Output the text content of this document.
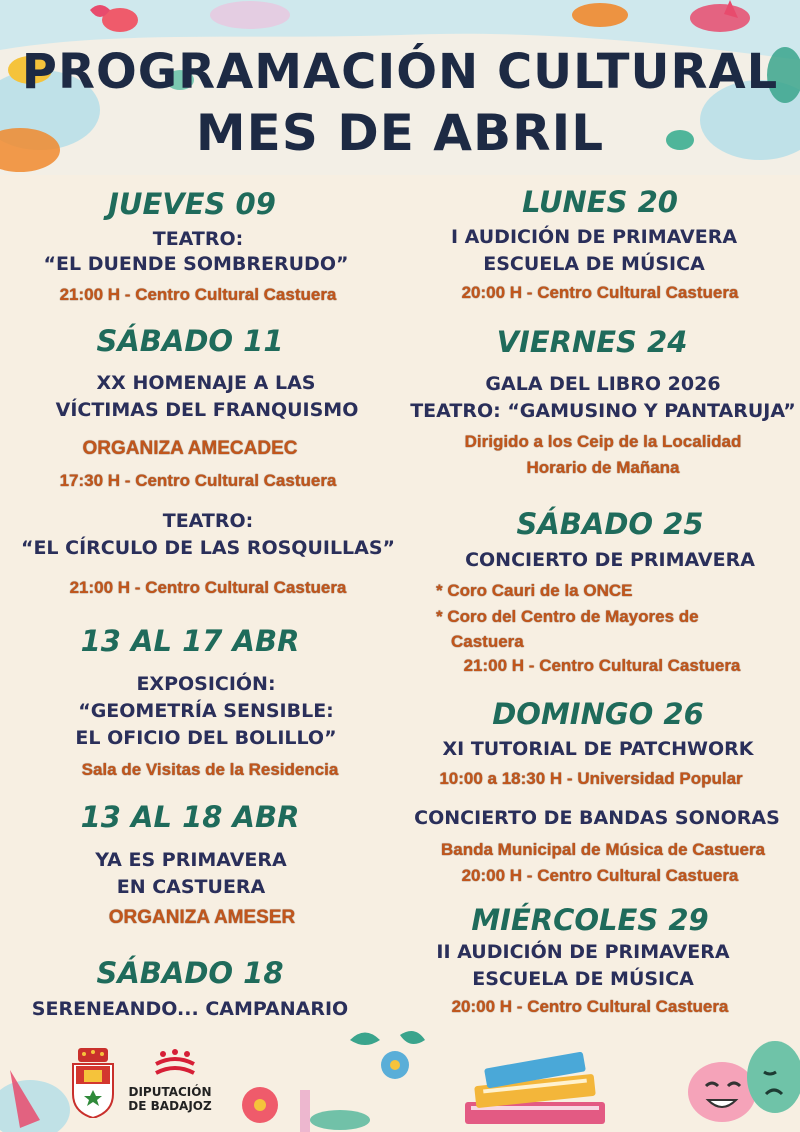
PROGRAMACIÓN CULTURAL
MES DE ABRIL
JUEVES 09
TEATRO:
“EL DUENDE SOMBRERUDO”
21:00 H - Centro Cultural Castuera
SÁBADO 11
XX HOMENAJE A LAS
VÍCTIMAS DEL FRANQUISMO
ORGANIZA AMECADEC
17:30 H - Centro Cultural Castuera
TEATRO:
“EL CÍRCULO DE LAS ROSQUILLAS”
21:00 H - Centro Cultural Castuera
13 AL 17 ABR
EXPOSICIÓN:
“GEOMETRÍA SENSIBLE:
EL OFICIO DEL BOLILLO”
Sala de Visitas de la Residencia
13 AL 18 ABR
YA ES PRIMAVERA
EN CASTUERA
ORGANIZA AMESER
SÁBADO 18
SERENEANDO... CAMPANARIO
LUNES 20
I AUDICIÓN DE PRIMAVERA
ESCUELA DE MÚSICA
20:00 H - Centro Cultural Castuera
VIERNES 24
GALA DEL LIBRO 2026
TEATRO: “GAMUSINO Y PANTARUJA”
Dirigido a los Ceip de la Localidad
Horario de Mañana
SÁBADO 25
CONCIERTO DE PRIMAVERA
* Coro Cauri de la ONCE
* Coro del Centro de Mayores de
Castuera
21:00 H - Centro Cultural Castuera
DOMINGO 26
XI TUTORIAL DE PATCHWORK
10:00 a 18:30 H - Universidad Popular
CONCIERTO DE BANDAS SONORAS
Banda Municipal de Música de Castuera
20:00 H - Centro Cultural Castuera
MIÉRCOLES 29
II AUDICIÓN DE PRIMAVERA
ESCUELA DE MÚSICA
20:00 H - Centro Cultural Castuera
DIPUTACIÓN
DE BADAJOZ
